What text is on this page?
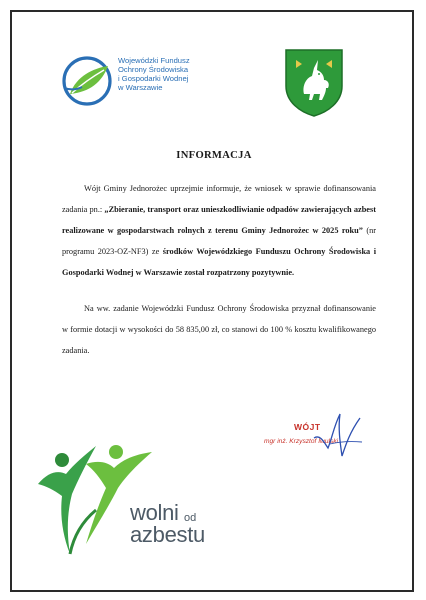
Wojewódzki Fundusz
Ochrony Środowiska
i Gospodarki Wodnej
w Warszawie
INFORMACJA
Wójt Gminy Jednorożec uprzejmie informuje, że wniosek w sprawie dofinansowania zadania pn.: „Zbieranie, transport oraz unieszkodliwianie odpadów zawierających azbest realizowane w gospodarstwach rolnych z terenu Gminy Jednorożec w 2025 roku” (nr programu 2023-OZ-NF3) ze środków Wojewódzkiego Funduszu Ochrony Środowiska i Gospodarki Wodnej w Warszawie został rozpatrzony pozytywnie.
Na ww. zadanie Wojewódzki Fundusz Ochrony Środowiska przyznał dofinansowanie w formie dotacji w wysokości do 58 835,00 zł, co stanowi do 100 % kosztu kwalifikowanego zadania.
WÓJT
mgr inż. Krzysztof Iwulski
wolni od
azbestu
